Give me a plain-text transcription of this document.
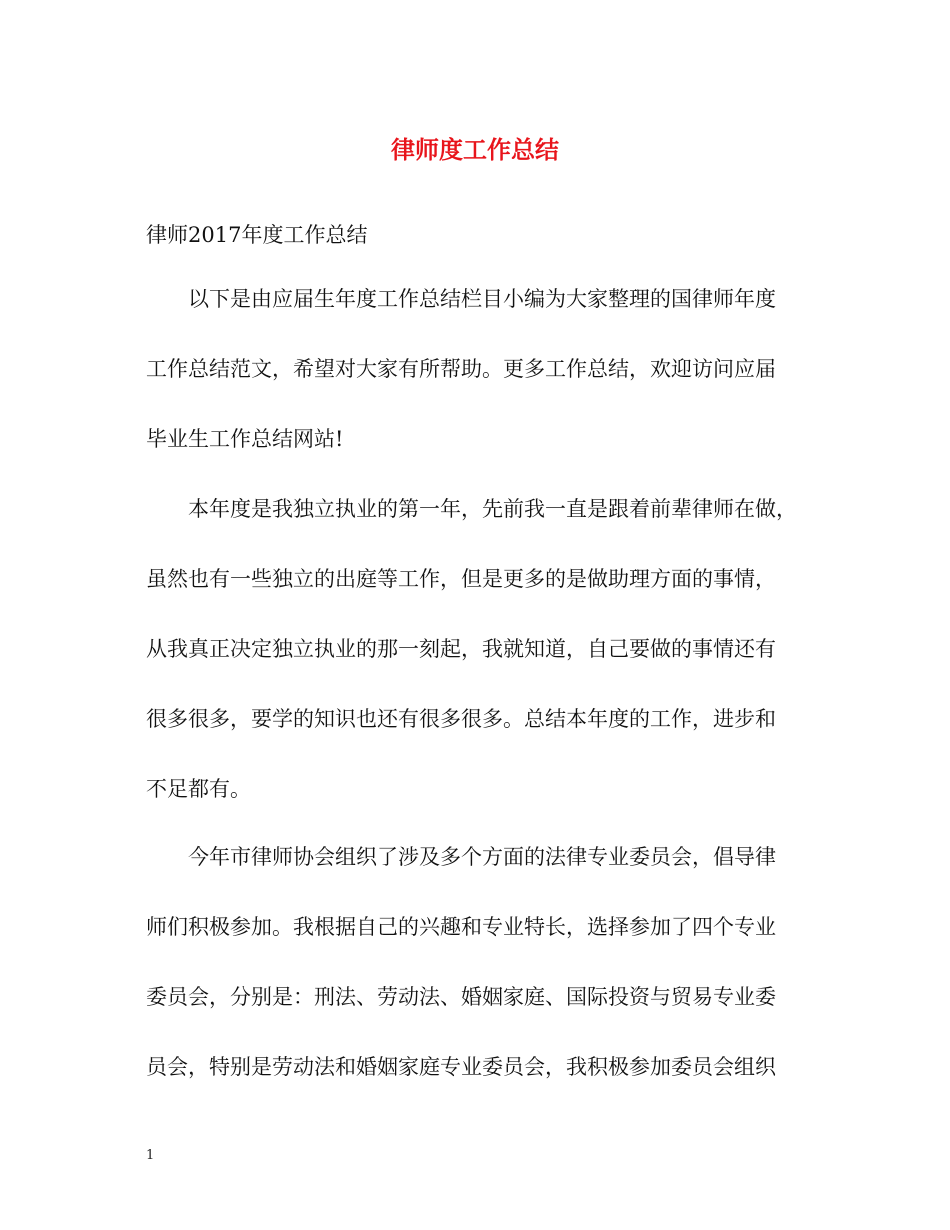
律师度工作总结
律师2017年度工作总结
以下是由应届生年度工作总结栏目小编为大家整理的国律师年度
工作总结范文，希望对大家有所帮助。更多工作总结，欢迎访问应届
毕业生工作总结网站!
本年度是我独立执业的第一年，先前我一直是跟着前辈律师在做，
虽然也有一些独立的出庭等工作，但是更多的是做助理方面的事情，
从我真正决定独立执业的那一刻起，我就知道，自己要做的事情还有
很多很多，要学的知识也还有很多很多。总结本年度的工作，进步和
不足都有。
今年市律师协会组织了涉及多个方面的法律专业委员会，倡导律
师们积极参加。我根据自己的兴趣和专业特长，选择参加了四个专业
委员会，分别是：刑法、劳动法、婚姻家庭、国际投资与贸易专业委
员会，特别是劳动法和婚姻家庭专业委员会，我积极参加委员会组织
1
